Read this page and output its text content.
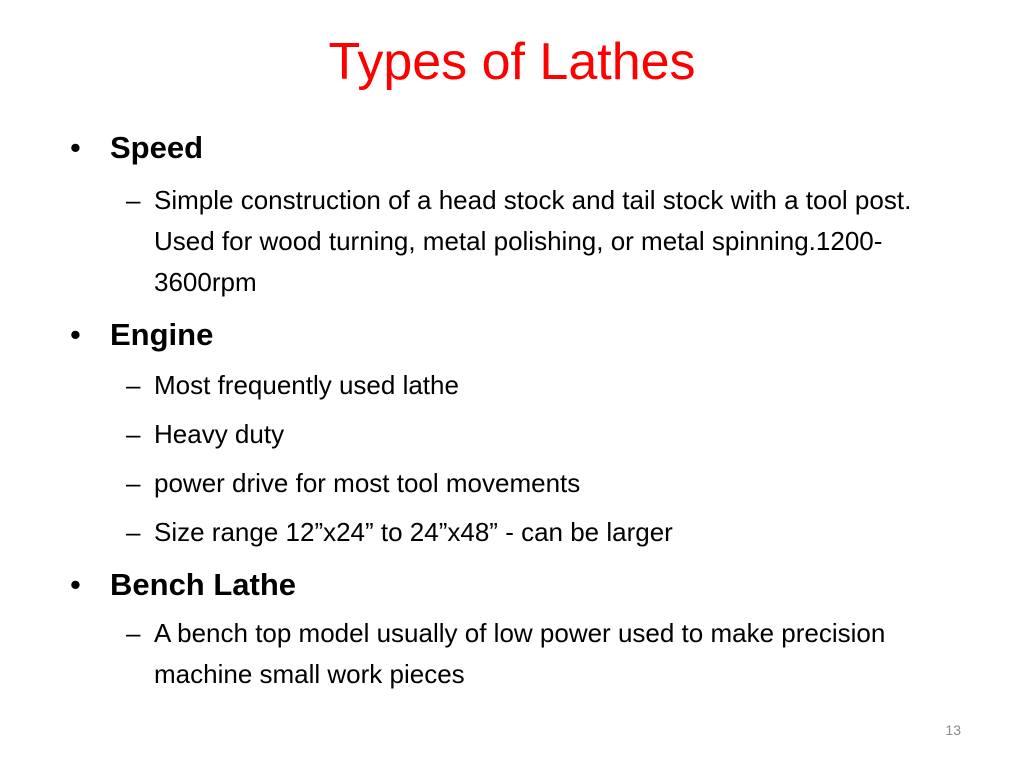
Types of Lathes
• Speed
– Simple construction of a head stock and tail stock with a tool post. Used for wood turning, metal polishing, or metal spinning.1200-3600rpm
• Engine
– Most frequently used lathe
– Heavy duty
– power drive for most tool movements
– Size range 12”x24” to 24”x48” - can be larger
• Bench Lathe
– A bench top model usually of low power used to make precision machine small work pieces
13
